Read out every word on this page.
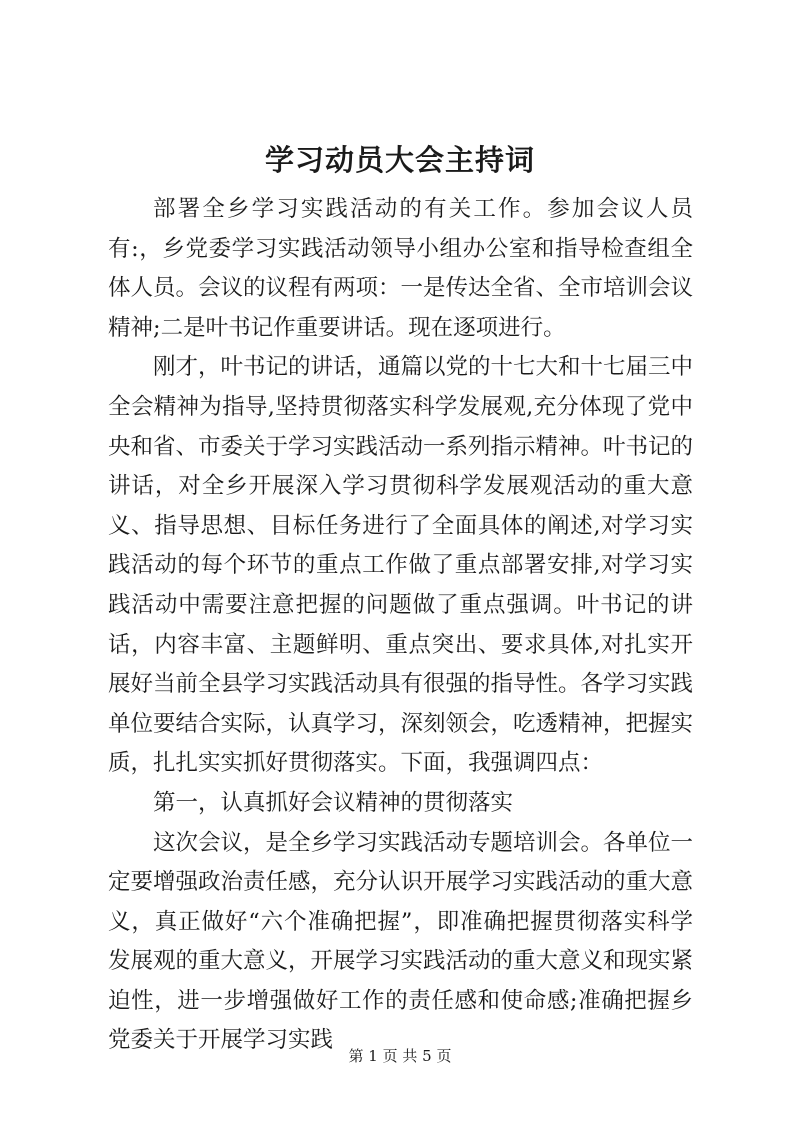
学习动员大会主持词

部署全乡学习实践活动的有关工作。参加会议人员有:，乡党委学习实践活动领导小组办公室和指导检查组全体人员。会议的议程有两项：一是传达全省、全市培训会议精神;二是叶书记作重要讲话。现在逐项进行。

刚才，叶书记的讲话，通篇以党的十七大和十七届三中全会精神为指导,坚持贯彻落实科学发展观,充分体现了党中央和省、市委关于学习实践活动一系列指示精神。叶书记的讲话，对全乡开展深入学习贯彻科学发展观活动的重大意义、指导思想、目标任务进行了全面具体的阐述,对学习实践活动的每个环节的重点工作做了重点部署安排,对学习实践活动中需要注意把握的问题做了重点强调。叶书记的讲话，内容丰富、主题鲜明、重点突出、要求具体,对扎实开展好当前全县学习实践活动具有很强的指导性。各学习实践单位要结合实际，认真学习，深刻领会，吃透精神，把握实质，扎扎实实抓好贯彻落实。下面，我强调四点：

第一，认真抓好会议精神的贯彻落实

这次会议，是全乡学习实践活动专题培训会。各单位一定要增强政治责任感，充分认识开展学习实践活动的重大意义，真正做好“六个准确把握”，即准确把握贯彻落实科学发展观的重大意义，开展学习实践活动的重大意义和现实紧迫性，进一步增强做好工作的责任感和使命感;准确把握乡党委关于开展学习实践

第 1 页 共 5 页
